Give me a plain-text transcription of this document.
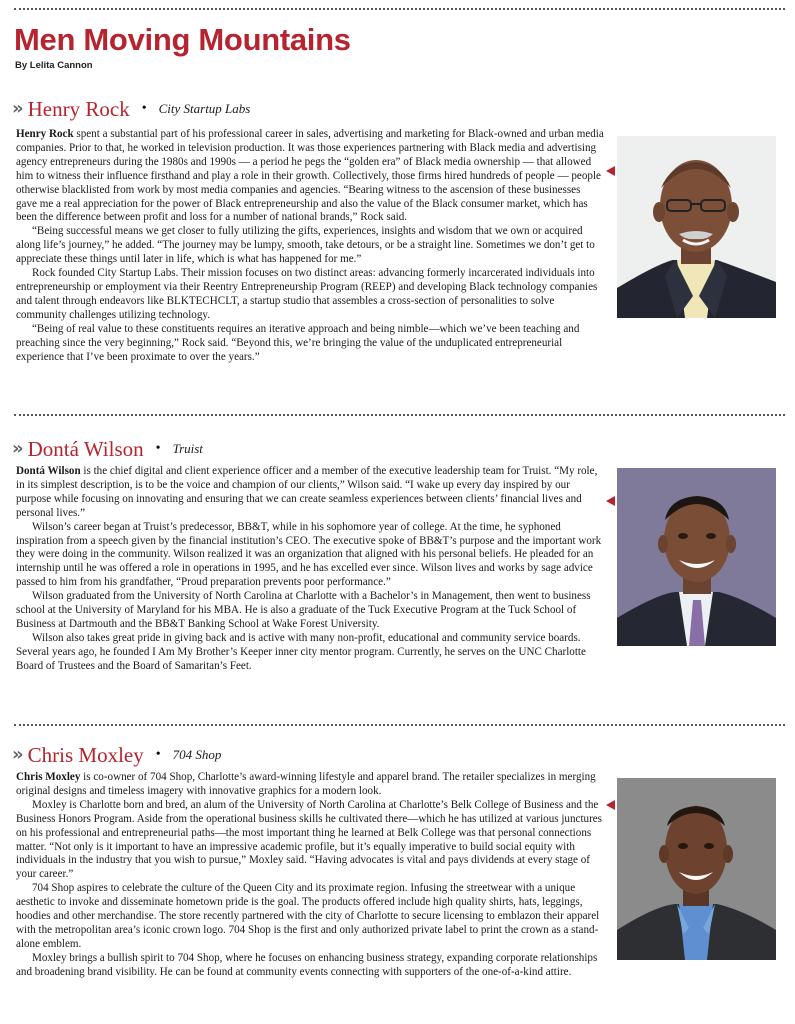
Men Moving Mountains
By Lelita Cannon
» Henry Rock • City Startup Labs

Henry Rock spent a substantial part of his professional career in sales, advertising and marketing for Black-owned and urban media companies. Prior to that, he worked in television production. It was those experiences partnering with Black media and advertising agency entrepreneurs during the 1980s and 1990s — a period he pegs the “golden era” of Black media ownership — that allowed him to witness their influence firsthand and play a role in their growth. Collectively, those firms hired hundreds of people — people otherwise blacklisted from work by most media companies and agencies. “Bearing witness to the ascension of these businesses gave me a real appreciation for the power of Black entrepreneurship and also the value of the Black consumer market, which has been the difference between profit and loss for a number of national brands,” Rock said.

“Being successful means we get closer to fully utilizing the gifts, experiences, insights and wisdom that we own or acquired along life’s journey,” he added. “The journey may be lumpy, smooth, take detours, or be a straight line. Sometimes we don’t get to appreciate these things until later in life, which is what has happened for me.”

Rock founded City Startup Labs. Their mission focuses on two distinct areas: advancing formerly incarcerated individuals into entrepreneurship or employment via their Reentry Entrepreneurship Program (REEP) and developing Black technology companies and talent through endeavors like BLKTECHCLT, a startup studio that assembles a cross-section of personalities to solve community challenges utilizing technology.

“Being of real value to these constituents requires an iterative approach and being nimble—which we’ve been teaching and preaching since the very beginning,” Rock said. “Beyond this, we’re bringing the value of the unduplicated entrepreneurial experience that I’ve been proximate to over the years.”

» Dontá Wilson • Truist

Dontá Wilson is the chief digital and client experience officer and a member of the executive leadership team for Truist. “My role, in its simplest description, is to be the voice and champion of our clients,” Wilson said. “I wake up every day inspired by our purpose while focusing on innovating and ensuring that we can create seamless experiences between clients’ financial lives and personal lives.”

Wilson’s career began at Truist’s predecessor, BB&T, while in his sophomore year of college. At the time, he syphoned inspiration from a speech given by the financial institution’s CEO. The executive spoke of BB&T’s purpose and the important work they were doing in the community. Wilson realized it was an organization that aligned with his personal beliefs. He pleaded for an internship until he was offered a role in operations in 1995, and he has excelled ever since. Wilson lives and works by sage advice passed to him from his grandfather, “Proud preparation prevents poor performance.”

Wilson graduated from the University of North Carolina at Charlotte with a Bachelor’s in Management, then went to business school at the University of Maryland for his MBA. He is also a graduate of the Tuck Executive Program at the Tuck School of Business at Dartmouth and the BB&T Banking School at Wake Forest University.

Wilson also takes great pride in giving back and is active with many non-profit, educational and community service boards. Several years ago, he founded I Am My Brother’s Keeper inner city mentor program. Currently, he serves on the UNC Charlotte Board of Trustees and the Board of Samaritan’s Feet.

» Chris Moxley • 704 Shop

Chris Moxley is co-owner of 704 Shop, Charlotte’s award-winning lifestyle and apparel brand. The retailer specializes in merging original designs and timeless imagery with innovative graphics for a modern look.

Moxley is Charlotte born and bred, an alum of the University of North Carolina at Charlotte’s Belk College of Business and the Business Honors Program. Aside from the operational business skills he cultivated there—which he has utilized at various junctures on his professional and entrepreneurial paths—the most important thing he learned at Belk College was that personal connections matter. “Not only is it important to have an impressive academic profile, but it’s equally imperative to build social equity with individuals in the industry that you wish to pursue,” Moxley said. “Having advocates is vital and pays dividends at every stage of your career.”

704 Shop aspires to celebrate the culture of the Queen City and its proximate region. Infusing the streetwear with a unique aesthetic to invoke and disseminate hometown pride is the goal. The products offered include high quality shirts, hats, leggings, hoodies and other merchandise. The store recently partnered with the city of Charlotte to secure licensing to emblazon their apparel with the metropolitan area’s iconic crown logo. 704 Shop is the first and only authorized private label to print the crown as a stand-alone emblem.

Moxley brings a bullish spirit to 704 Shop, where he focuses on enhancing business strategy, expanding corporate relationships and broadening brand visibility. He can be found at community events connecting with supporters of the one-of-a-kind attire.
